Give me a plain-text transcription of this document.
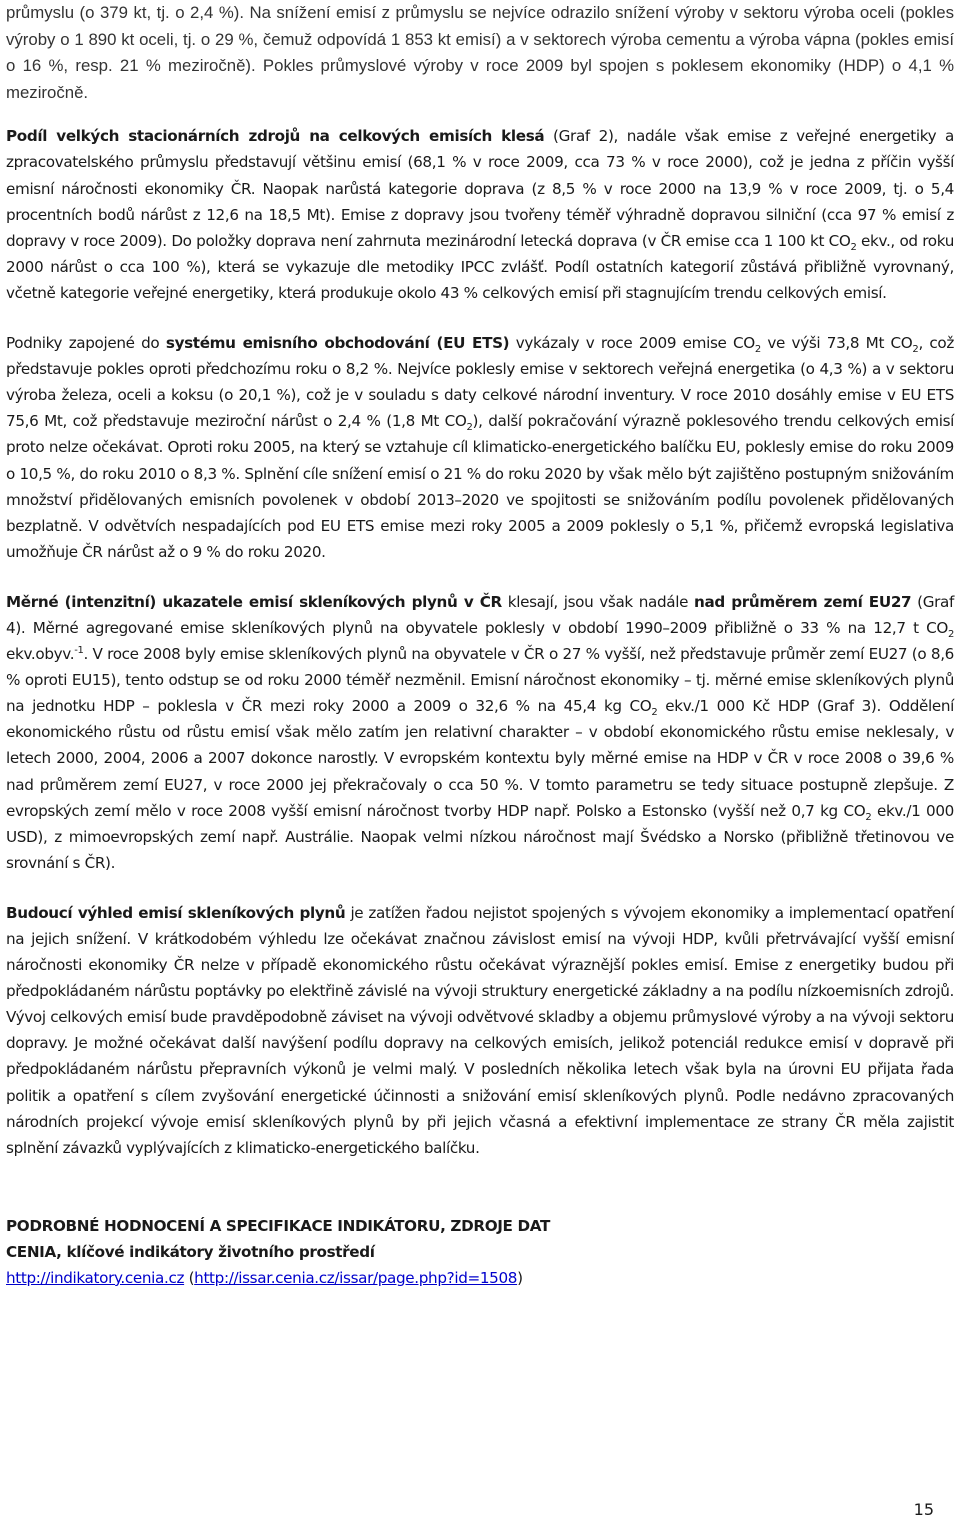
průmyslu (o 379 kt, tj. o 2,4 %). Na snížení emisí z průmyslu se nejvíce odrazilo snížení výroby v sektoru výroba oceli (pokles výroby o 1 890 kt oceli, tj. o 29 %, čemuž odpovídá 1 853 kt emisí) a v sektorech výroba cementu a výroba vápna (pokles emisí o 16 %, resp. 21 % meziročně). Pokles průmyslové výroby v roce 2009 byl spojen s poklesem ekonomiky (HDP) o 4,1 % meziročně.

Podíl velkých stacionárních zdrojů na celkových emisích klesá (Graf 2), nadále však emise z veřejné energetiky a zpracovatelského průmyslu představují většinu emisí (68,1 % v roce 2009, cca 73 % v roce 2000), což je jedna z příčin vyšší emisní náročnosti ekonomiky ČR. Naopak narůstá kategorie doprava (z 8,5 % v roce 2000 na 13,9 % v roce 2009, tj. o 5,4 procentních bodů nárůst z 12,6 na 18,5 Mt). Emise z dopravy jsou tvořeny téměř výhradně dopravou silniční (cca 97 % emisí z dopravy v roce 2009). Do položky doprava není zahrnuta mezinárodní letecká doprava (v ČR emise cca 1 100 kt $CO_2$ ekv., od roku 2000 nárůst o cca 100 %), která se vykazuje dle metodiky IPCC zvlášť. Podíl ostatních kategorií zůstává přibližně vyrovnaný, včetně kategorie veřejné energetiky, která produkuje okolo 43 % celkových emisí při stagnujícím trendu celkových emisí.

Podniky zapojené do systému emisního obchodování (EU ETS) vykázaly v roce 2009 emise $CO_2$ ve výši 73,8 Mt $CO_2$, což představuje pokles oproti předchozímu roku o 8,2 %. Nejvíce poklesly emise v sektorech veřejná energetika (o 4,3 %) a v sektoru výroba železa, oceli a koksu (o 20,1 %), což je v souladu s daty celkové národní inventury. V roce 2010 dosáhly emise v EU ETS 75,6 Mt, což představuje meziroční nárůst o 2,4 % (1,8 Mt $CO_2$), další pokračování výrazně poklesového trendu celkových emisí proto nelze očekávat. Oproti roku 2005, na který se vztahuje cíl klimaticko-energetického balíčku EU, poklesly emise do roku 2009 o 10,5 %, do roku 2010 o 8,3 %. Splnění cíle snížení emisí o 21 % do roku 2020 by však mělo být zajištěno postupným snižováním množství přidělovaných emisních povolenek v období 2013–2020 ve spojitosti se snižováním podílu povolenek přidělovaných bezplatně. V odvětvích nespadajících pod EU ETS emise mezi roky 2005 a 2009 poklesly o 5,1 %, přičemž evropská legislativa umožňuje ČR nárůst až o 9 % do roku 2020.

Měrné (intenzitní) ukazatele emisí skleníkových plynů v ČR klesají, jsou však nadále nad průměrem zemí EU27 (Graf 4). Měrné agregované emise skleníkových plynů na obyvatele poklesly v období 1990–2009 přibližně o 33 % na 12,7 t $CO_2$ ekv.obyv.$^{-1}$. V roce 2008 byly emise skleníkových plynů na obyvatele v ČR o 27 % vyšší, než představuje průměr zemí EU27 (o 8,6 % oproti EU15), tento odstup se od roku 2000 téměř nezměnil. Emisní náročnost ekonomiky – tj. měrné emise skleníkových plynů na jednotku HDP – poklesla v ČR mezi roky 2000 a 2009 o 32,6 % na 45,4 kg $CO_2$ ekv./1 000 Kč HDP (Graf 3). Oddělení ekonomického růstu od růstu emisí však mělo zatím jen relativní charakter – v období ekonomického růstu emise neklesaly, v letech 2000, 2004, 2006 a 2007 dokonce narostly. V evropském kontextu byly měrné emise na HDP v ČR v roce 2008 o 39,6 % nad průměrem zemí EU27, v roce 2000 jej překračovaly o cca 50 %. V tomto parametru se tedy situace postupně zlepšuje. Z evropských zemí mělo v roce 2008 vyšší emisní náročnost tvorby HDP např. Polsko a Estonsko (vyšší než 0,7 kg $CO_2$ ekv./1 000 USD), z mimoevropských zemí např. Austrálie. Naopak velmi nízkou náročnost mají Švédsko a Norsko (přibližně třetinovou ve srovnání s ČR).

Budoucí výhled emisí skleníkových plynů je zatížen řadou nejistot spojených s vývojem ekonomiky a implementací opatření na jejich snížení. V krátkodobém výhledu lze očekávat značnou závislost emisí na vývoji HDP, kvůli přetrvávající vyšší emisní náročnosti ekonomiky ČR nelze v případě ekonomického růstu očekávat výraznější pokles emisí. Emise z energetiky budou při předpokládaném nárůstu poptávky po elektřině závislé na vývoji struktury energetické základny a na podílu nízkoemisních zdrojů. Vývoj celkových emisí bude pravděpodobně záviset na vývoji odvětvové skladby a objemu průmyslové výroby a na vývoji sektoru dopravy. Je možné očekávat další navýšení podílu dopravy na celkových emisích, jelikož potenciál redukce emisí v dopravě při předpokládaném nárůstu přepravních výkonů je velmi malý. V posledních několika letech však byla na úrovni EU přijata řada politik a opatření s cílem zvyšování energetické účinnosti a snižování emisí skleníkových plynů. Podle nedávno zpracovaných národních projekcí vývoje emisí skleníkových plynů by při jejich včasná a efektivní implementace ze strany ČR měla zajistit splnění závazků vyplývajících z klimaticko-energetického balíčku.

PODROBNÉ HODNOCENÍ A SPECIFIKACE INDIKÁTORU, ZDROJE DAT
CENIA, klíčové indikátory životního prostředí
http://indikatory.cenia.cz (http://issar.cenia.cz/issar/page.php?id=1508)
15
